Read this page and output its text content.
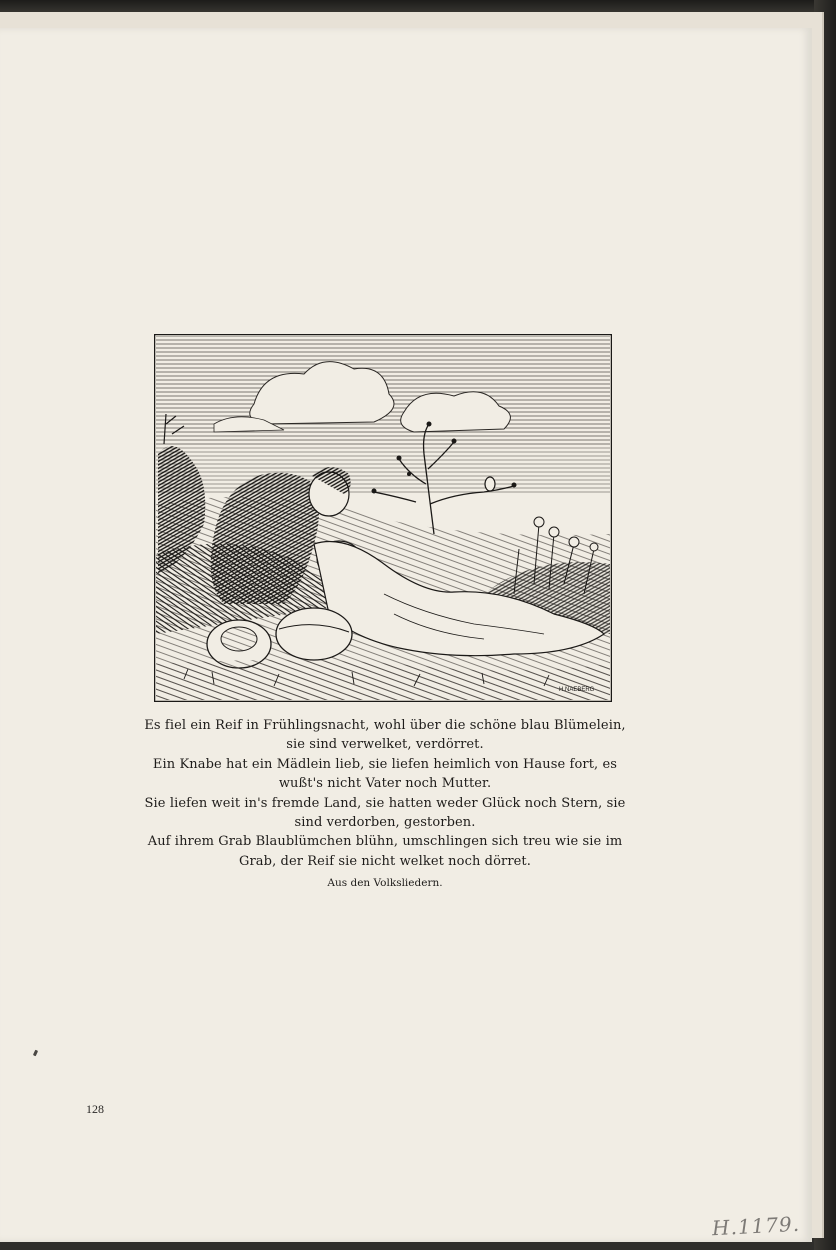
H.NAEBERG

Es fiel ein Reif in Frühlingsnacht, wohl über die schöne blau Blümelein, sie sind verwelket, verdörret.

Ein Knabe hat ein Mädlein lieb, sie liefen heimlich von Hause fort, es wußt's nicht Vater noch Mutter.

Sie liefen weit in's fremde Land, sie hatten weder Glück noch Stern, sie sind verdorben, gestorben.

Auf ihrem Grab Blaublümchen blühn, umschlingen sich treu wie sie im Grab, der Reif sie nicht welket noch dörret.

Aus den Volksliedern.
128
H.1179.
